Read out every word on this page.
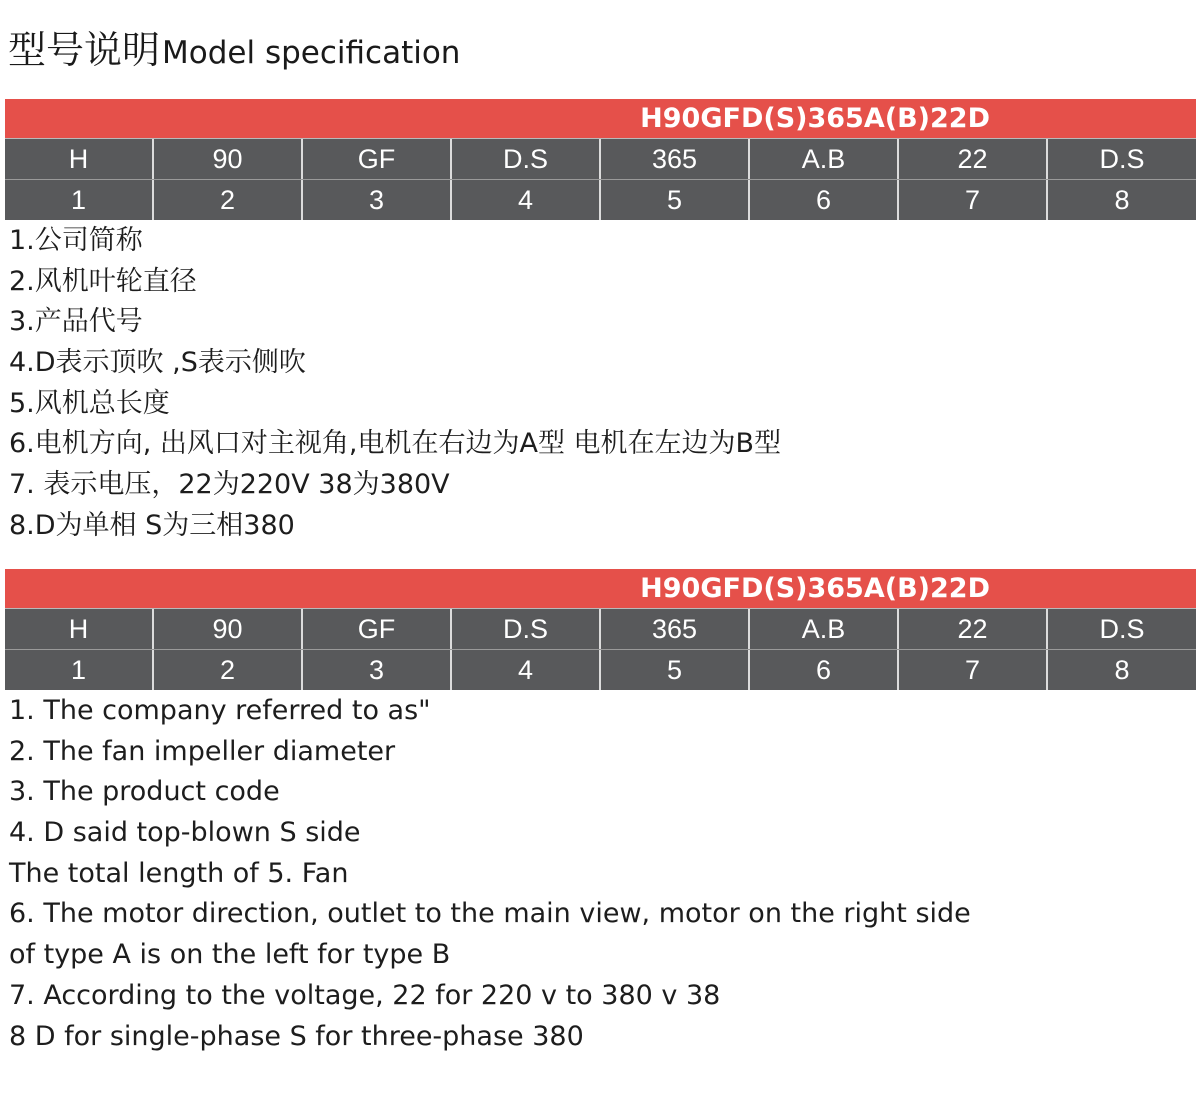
型号说明Model specification
H90GFD(S)365A(B)22D
H	90	GF	D.S	365	A.B	22	D.S
1	2	3	4	5	6	7	8
1.公司简称
2.风机叶轮直径
3.产品代号
4.D表示顶吹 ,S表示侧吹
5.风机总长度
6.电机方向, 出风口对主视角,电机在右边为A型 电机在左边为B型
7. 表示电压，22为220V 38为380V
8.D为单相 S为三相380
H90GFD(S)365A(B)22D
H	90	GF	D.S	365	A.B	22	D.S
1	2	3	4	5	6	7	8
1. The company referred to as"
2. The fan impeller diameter
3. The product code
4. D said top-blown S side
The total length of 5. Fan
6. The motor direction, outlet to the main view, motor on the right side
of type A is on the left for type B
7. According to the voltage, 22 for 220 v to 380 v 38
8 D for single-phase S for three-phase 380
